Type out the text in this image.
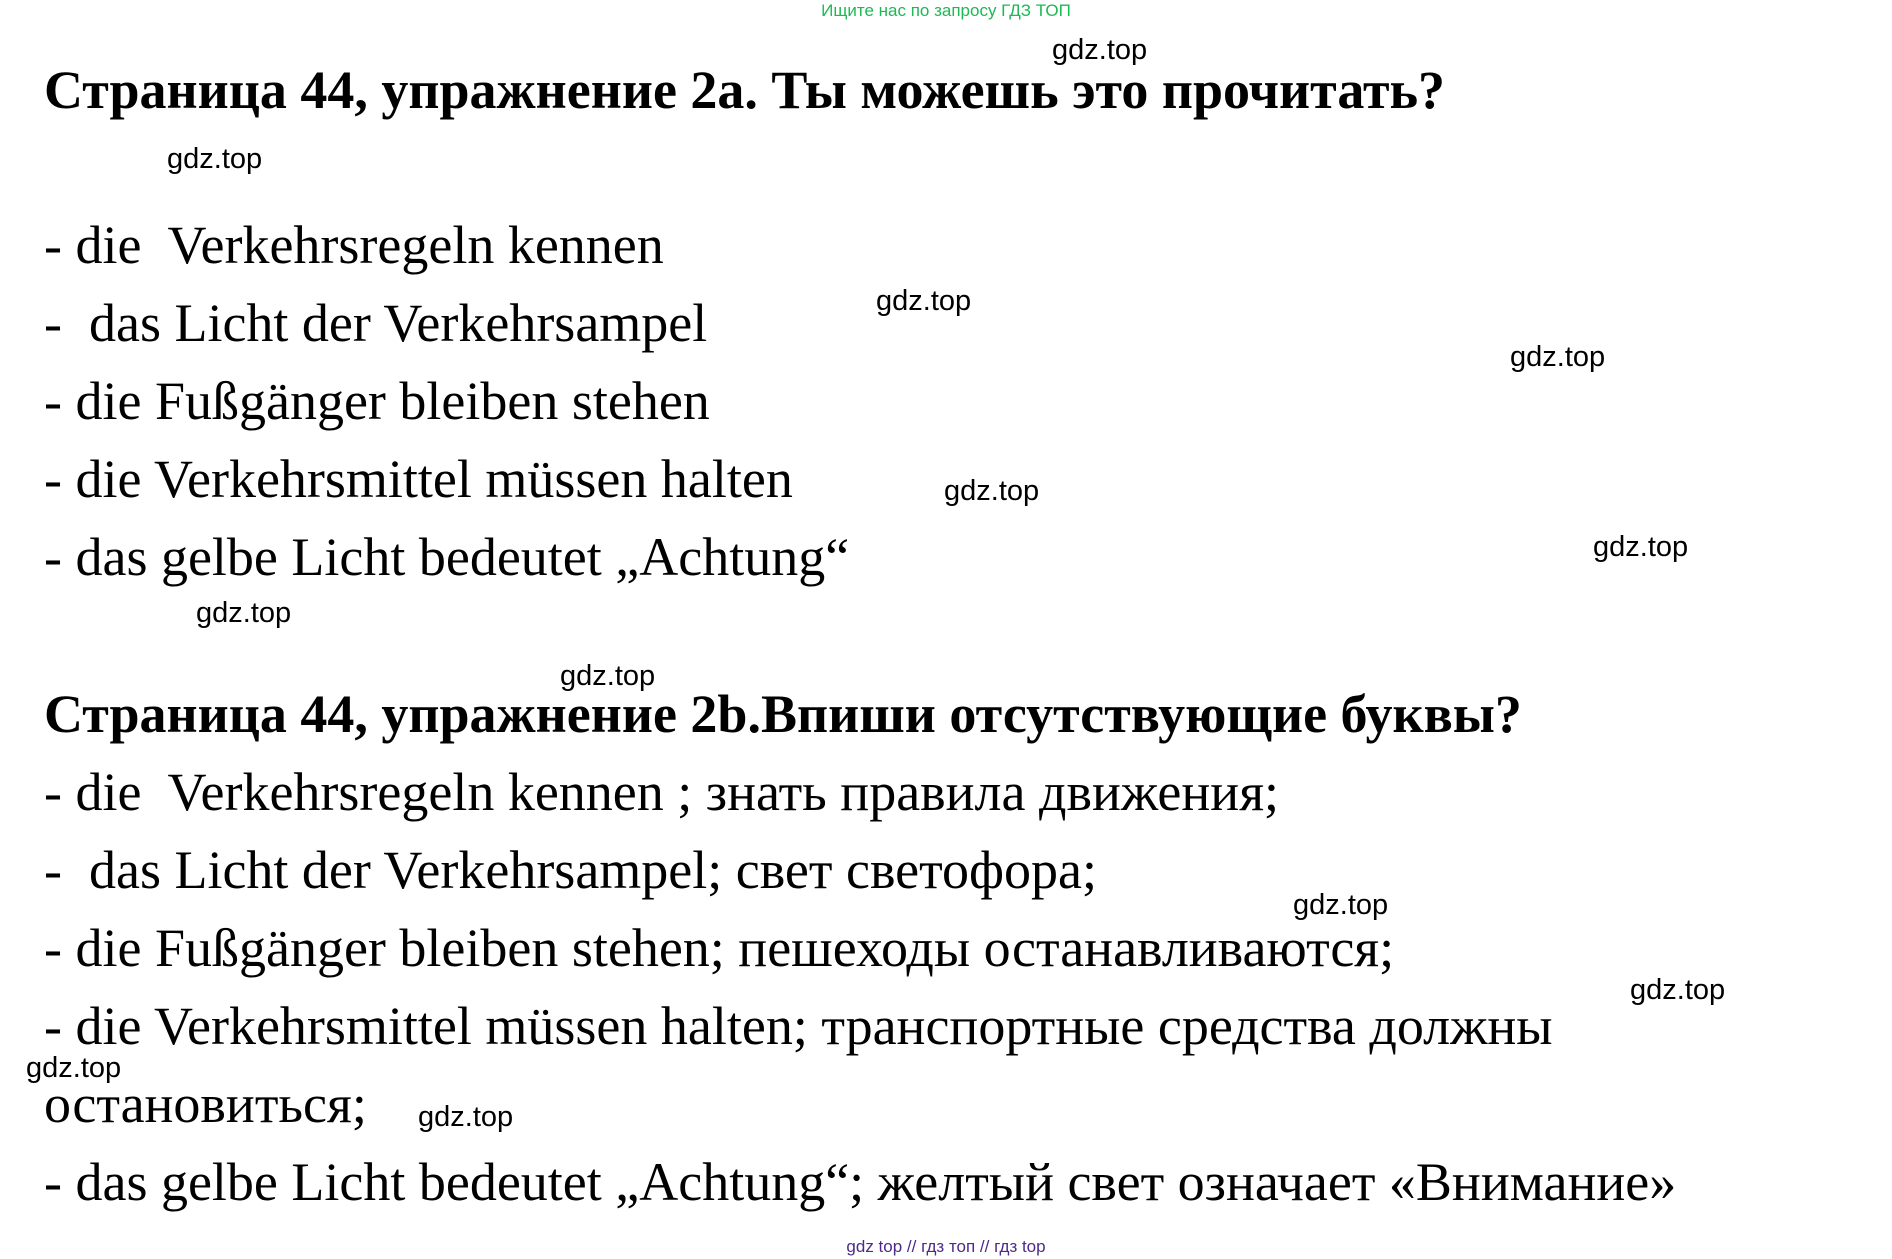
Ищите нас по запросу ГДЗ ТОП
Страница 44, упражнение 2а. Ты можешь это прочитать?

- die  Verkehrsregeln kennen

-  das Licht der Verkehrsampel

- die Fußgänger bleiben stehen

- die Verkehrsmittel müssen halten

- das gelbe Licht bedeutet „Achtung“

Страница 44, упражнение 2b.Впиши отсутствующие буквы?

- die  Verkehrsregeln kennen ; знать правила движения;

-  das Licht der Verkehrsampel; свет светофора;

- die Fußgänger bleiben stehen; пешеходы останавливаются;

- die Verkehrsmittel müssen halten; транспортные средства должны

остановиться;

- das gelbe Licht bedeutet „Achtung“; желтый свет означает «Внимание»

gdz.top
gdz.top
gdz.top
gdz.top
gdz.top
gdz.top
gdz.top
gdz.top
gdz.top
gdz.top
gdz.top
gdz.top
gdz top // гдз топ // гдз top
